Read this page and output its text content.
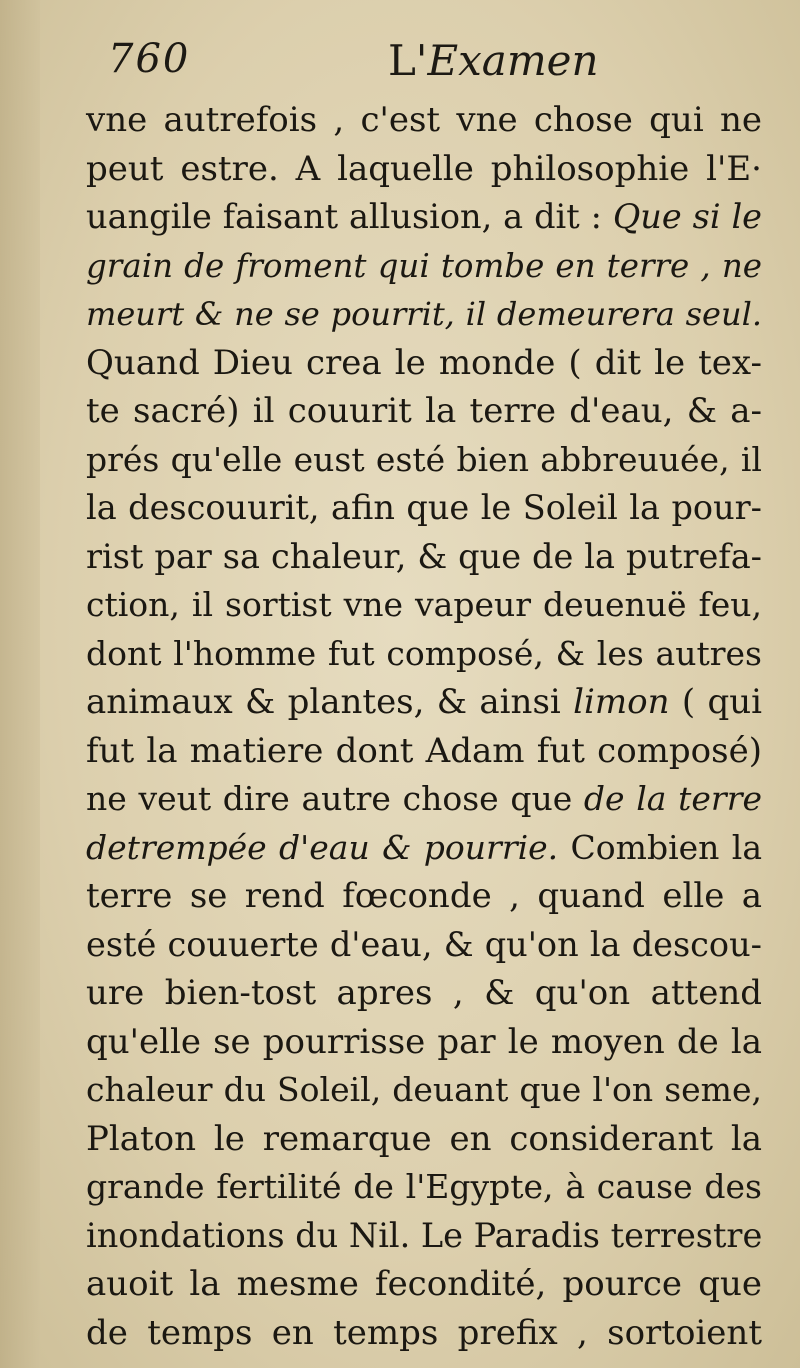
760	L'Examen
vne autrefois , c'est vne chose qui ne
peut estre. A laquelle philosophie l'E·
uangile faisant allusion, a dit : Que si le
grain de froment qui tombe en terre , ne
meurt & ne se pourrit, il demeurera seul.
Quand Dieu crea le monde ( dit le tex-
te sacré) il couurit la terre d'eau, & a-
prés qu'elle eust esté bien abbreuuée, il
la descouurit, afin que le Soleil la pour-
rist par sa chaleur, & que de la putrefa-
ction, il sortist vne vapeur deuenuë feu,
dont l'homme fut composé, & les autres
animaux & plantes, & ainsi limon ( qui
fut la matiere dont Adam fut composé)
ne veut dire autre chose que de la terre
detrempée d'eau & pourrie. Combien la
terre se rend fœconde , quand elle a
esté couuerte d'eau, & qu'on la descou-
ure bien-tost apres , & qu'on attend
qu'elle se pourrisse par le moyen de la
chaleur du Soleil, deuant que l'on seme,
Platon le remarque en considerant la
grande fertilité de l'Egypte, à cause des
inondations du Nil. Le Paradis terrestre
auoit la mesme fecondité, pource que
de temps en temps prefix , sortoient
